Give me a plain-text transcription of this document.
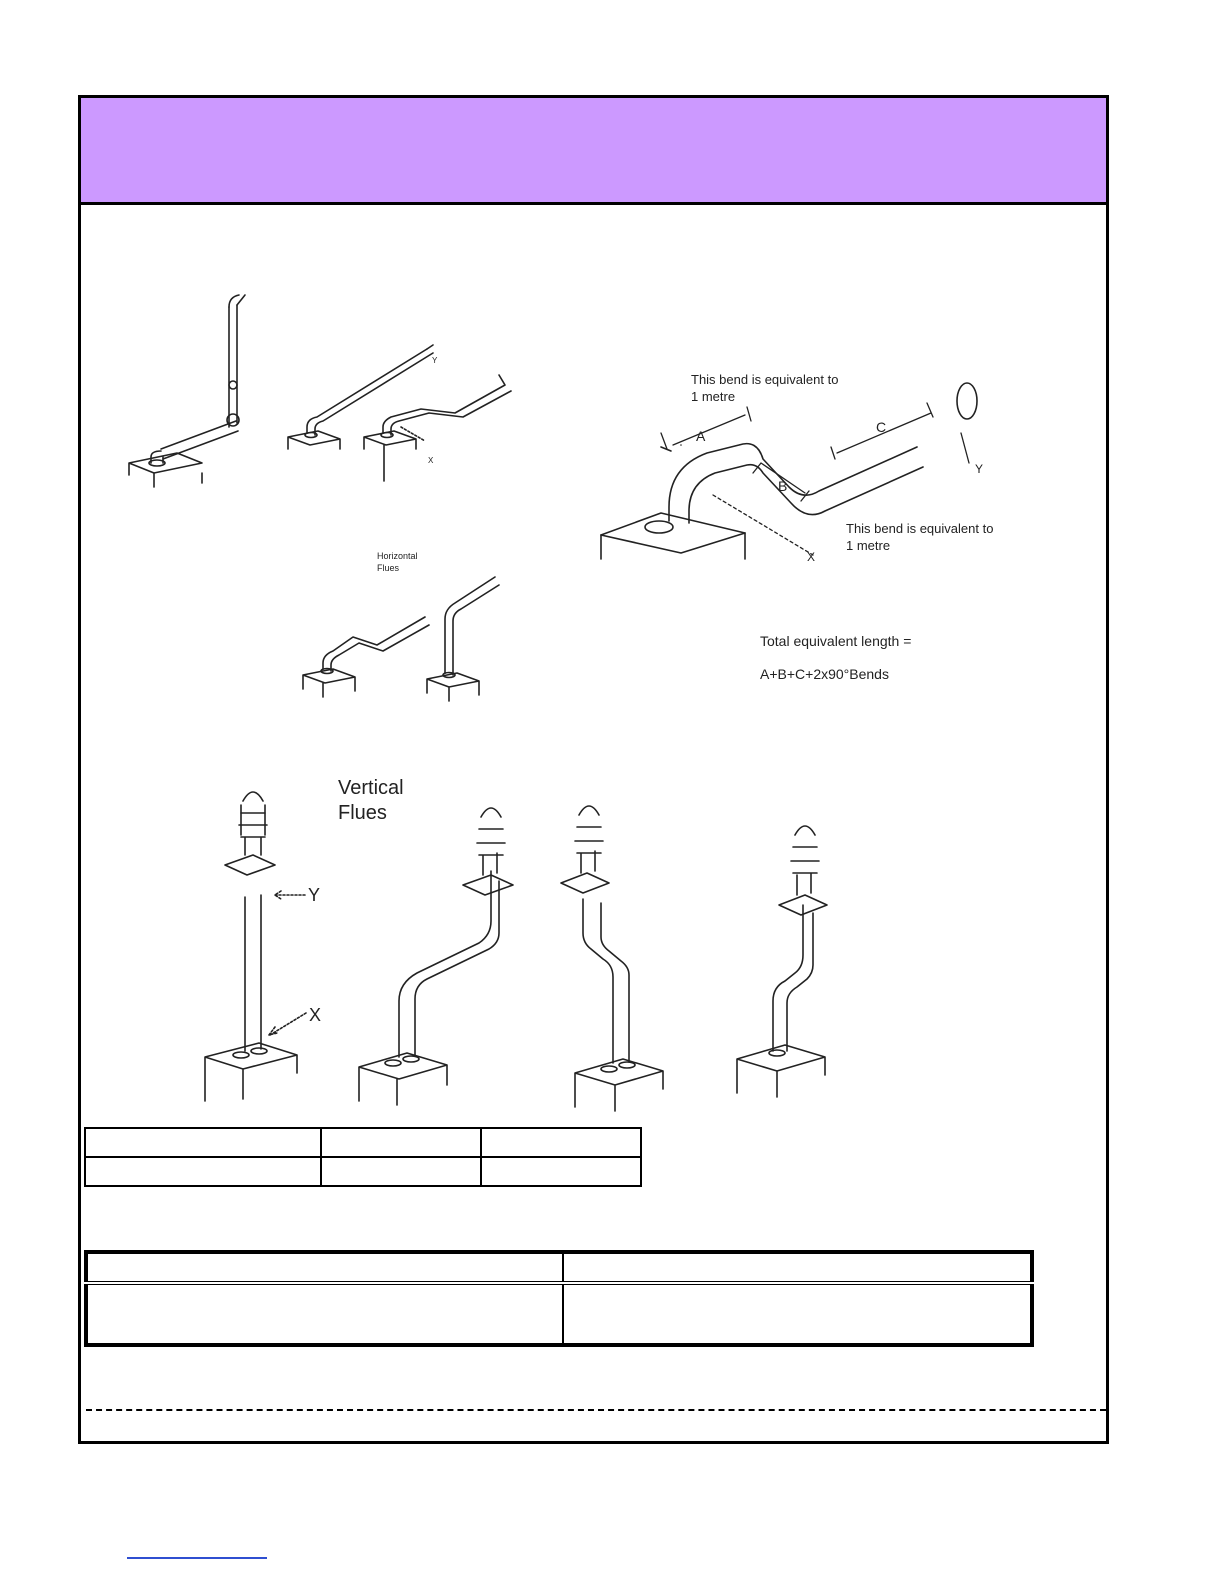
Y
X
Horizontal
Flues
A
B
C
This bend is equivalent to
1 metre
This bend is equivalent to
1 metre
X
Y
Total equivalent length =
A+B+C+2x90°Bends
Vertical
Flues
Y
X
